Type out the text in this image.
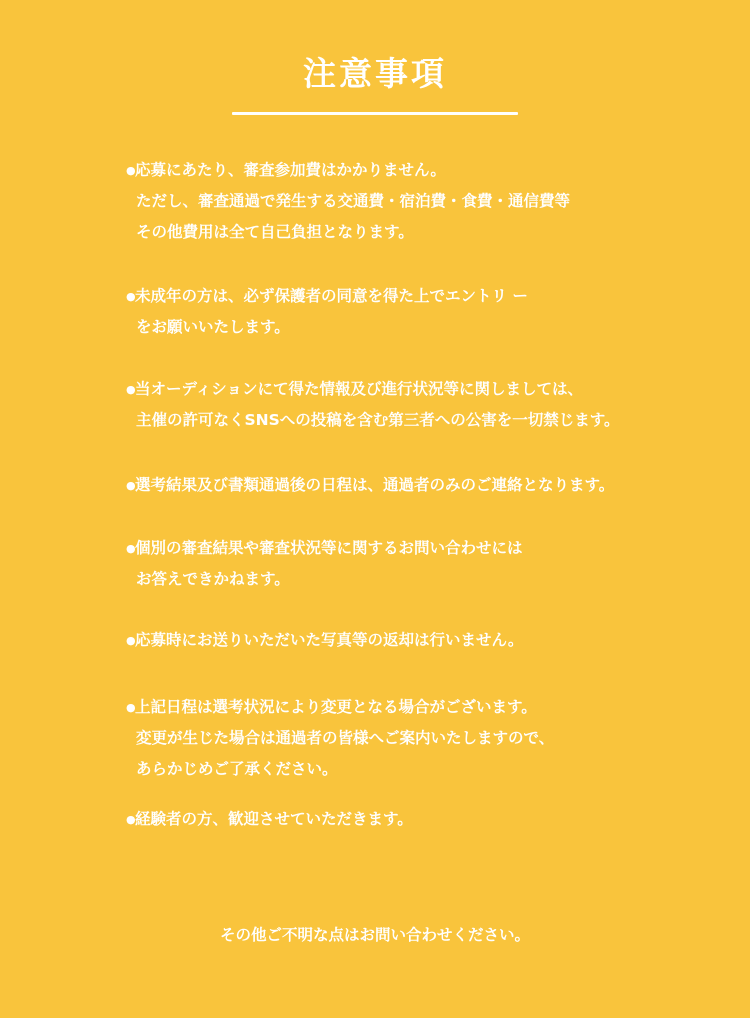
注意事項
●応募にあたり、審査参加費はかかりません。
ただし、審査通過で発生する交通費・宿泊費・食費・通信費等
その他費用は全て自己負担となります。
●未成年の方は、必ず保護者の同意を得た上でエントリ ー
をお願いいたします。
●当オーディションにて得た情報及び進行状況等に関しましては、
主催の許可なくSNSへの投稿を含む第三者への公害を一切禁じます。
●選考結果及び書類通過後の日程は、通過者のみのご連絡となります。
●個別の審査結果や審査状況等に関するお問い合わせには
お答えできかねます。
●応募時にお送りいただいた写真等の返却は行いません。
●上記日程は選考状況により変更となる場合がございます。
変更が生じた場合は通過者の皆様へご案内いたしますので、
あらかじめご了承ください。
●経験者の方、歓迎させていただきます。
その他ご不明な点はお問い合わせください。
